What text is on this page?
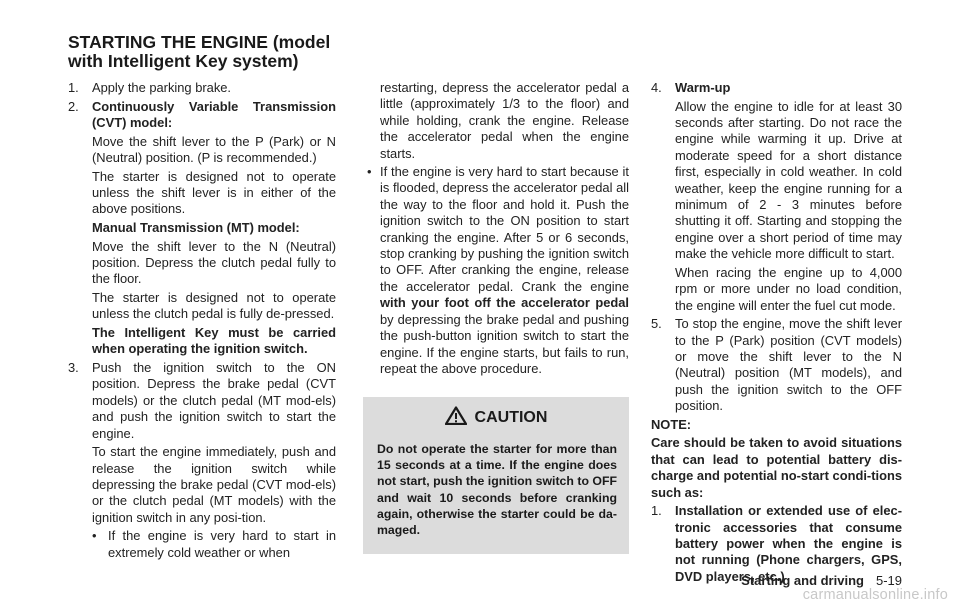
STARTING THE ENGINE (model with Intelligent Key system)
1. Apply the parking brake.
2. Continuously Variable Transmission (CVT) model:

Move the shift lever to the P (Park) or N (Neutral) position. (P is recommended.)

The starter is designed not to operate unless the shift lever is in either of the above positions.

Manual Transmission (MT) model:

Move the shift lever to the N (Neutral) position. Depress the clutch pedal fully to the floor.

The starter is designed not to operate unless the clutch pedal is fully de-pressed.

The Intelligent Key must be carried when operating the ignition switch.

3. Push the ignition switch to the ON position. Depress the brake pedal (CVT models) or the clutch pedal (MT mod-els) and push the ignition switch to start the engine.

To start the engine immediately, push and release the ignition switch while depressing the brake pedal (CVT mod-els) or the clutch pedal (MT models) with the ignition switch in any posi-tion.

• If the engine is very hard to start in extremely cold weather or when

restarting, depress the accelerator pedal a little (approximately 1/3 to the floor) and while holding, crank the engine. Release the accelerator pedal when the engine starts.

• If the engine is very hard to start because it is flooded, depress the accelerator pedal all the way to the floor and hold it. Push the ignition switch to the ON position to start cranking the engine. After 5 or 6 seconds, stop cranking by pushing the ignition switch to OFF. After cranking the engine, release the accelerator pedal. Crank the engine with your foot off the accelerator pedal by depressing the brake pedal and pushing the push-button ignition switch to start the engine. If the engine starts, but fails to run, repeat the above procedure.

CAUTION
Do not operate the starter for more than 15 seconds at a time. If the engine does not start, push the ignition switch to OFF and wait 10 seconds before cranking again, otherwise the starter could be da-maged.
4. Warm-up

Allow the engine to idle for at least 30 seconds after starting. Do not race the engine while warming it up. Drive at moderate speed for a short distance first, especially in cold weather. In cold weather, keep the engine running for a minimum of 2 - 3 minutes before shutting it off. Starting and stopping the engine over a short period of time may make the vehicle more difficult to start.

When racing the engine up to 4,000 rpm or more under no load condition, the engine will enter the fuel cut mode.

5. To stop the engine, move the shift lever to the P (Park) position (CVT models) or move the shift lever to the N (Neutral) position (MT models), and push the ignition switch to the OFF position.

NOTE:

Care should be taken to avoid situations that can lead to potential battery dis-charge and potential no-start condi-tions such as:

1. Installation or extended use of elec-tronic accessories that consume battery power when the engine is not running (Phone chargers, GPS, DVD players, etc.)

Starting and driving 5-19
carmanualsonline.info
